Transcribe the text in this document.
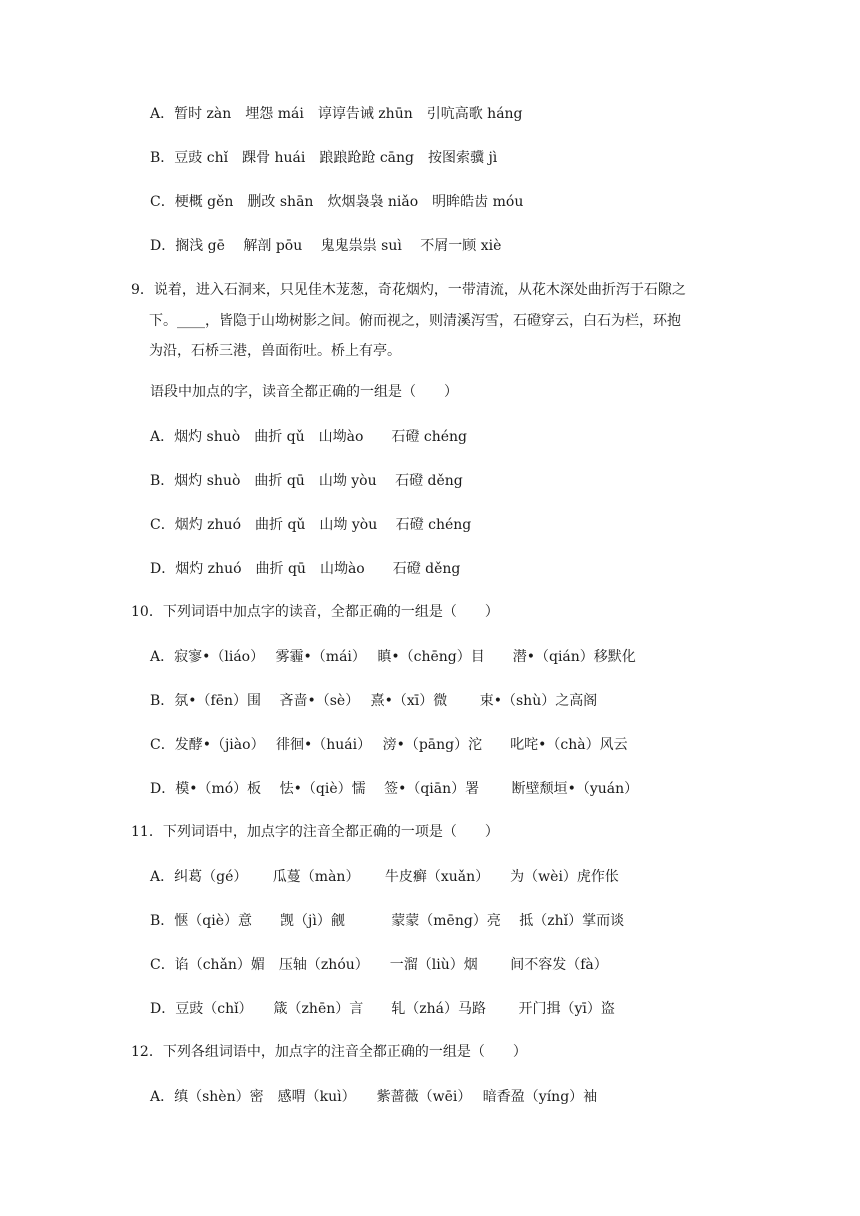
A．暂时 zàn　埋怨 mái　谆谆告诫 zhūn　引吭高歌 háng
B．豆豉 chǐ　踝骨 huái　踉踉跄跄 cāng　按图索骥 jì
C．梗概 gěn　删改 shān　炊烟袅袅 niǎo　明眸皓齿 móu
D．搁浅 gē　 解剖 pōu　 鬼鬼祟祟 suì　 不屑一顾 xiè
9．说着，进入石洞来，只见佳木茏葱，奇花烟灼，一带清流，从花木深处曲折泻于石隙之
下。____，皆隐于山坳树影之间。俯而视之，则清溪泻雪，石磴穿云，白石为栏，环抱
为沿，石桥三港，兽面衔吐。桥上有亭。
语段中加点的字，读音全都正确的一组是（　　）
A．烟灼 shuò　曲折 qǔ　山坳ào　　石磴 chéng
B．烟灼 shuò　曲折 qū　山坳 yòu　 石磴 děng
C．烟灼 zhuó　曲折 qǔ　山坳 yòu　 石磴 chéng
D．烟灼 zhuó　曲折 qū　山坳ào　　石磴 děng
10．下列词语中加点字的读音，全都正确的一组是（　　）
A．寂寥•（liáo）　 雾霾•（mái）　 瞋•（chēng）目　　潜•（qián）移默化
B．氛•（fēn）围　 吝啬•（sè）　 熹•（xī）微　　 束•（shù）之高阁
C．发酵•（jiào）　 徘徊•（huái）　 滂•（pāng）沱　　叱咤•（chà）风云
D．模•（mó）板　 怯•（qiè）懦　 签•（qiān）署　　 断壁颓垣•（yuán）
11．下列词语中，加点字的注音全都正确的一项是（　　）
A．纠葛（gé）　　 瓜蔓（màn）　　 牛皮癣（xuǎn）　　为（wèi）虎作伥
B．惬（qiè）意　　觊（jì）觎　　　 蒙蒙（mēng）亮　 抵（zhǐ）掌而谈
C．谄（chǎn）媚　压轴（zhóu）　　一溜（liù）烟　　 间不容发（fà）
D．豆豉（chǐ）　　箴（zhēn）言　　轧（zhá）马路　　 开门揖（yī）盗
12．下列各组词语中，加点字的注音全都正确的一组是（　　）
A．缜（shèn）密　感喟（kuì）　　紫蔷薇（wēi）　 暗香盈（yíng）袖
